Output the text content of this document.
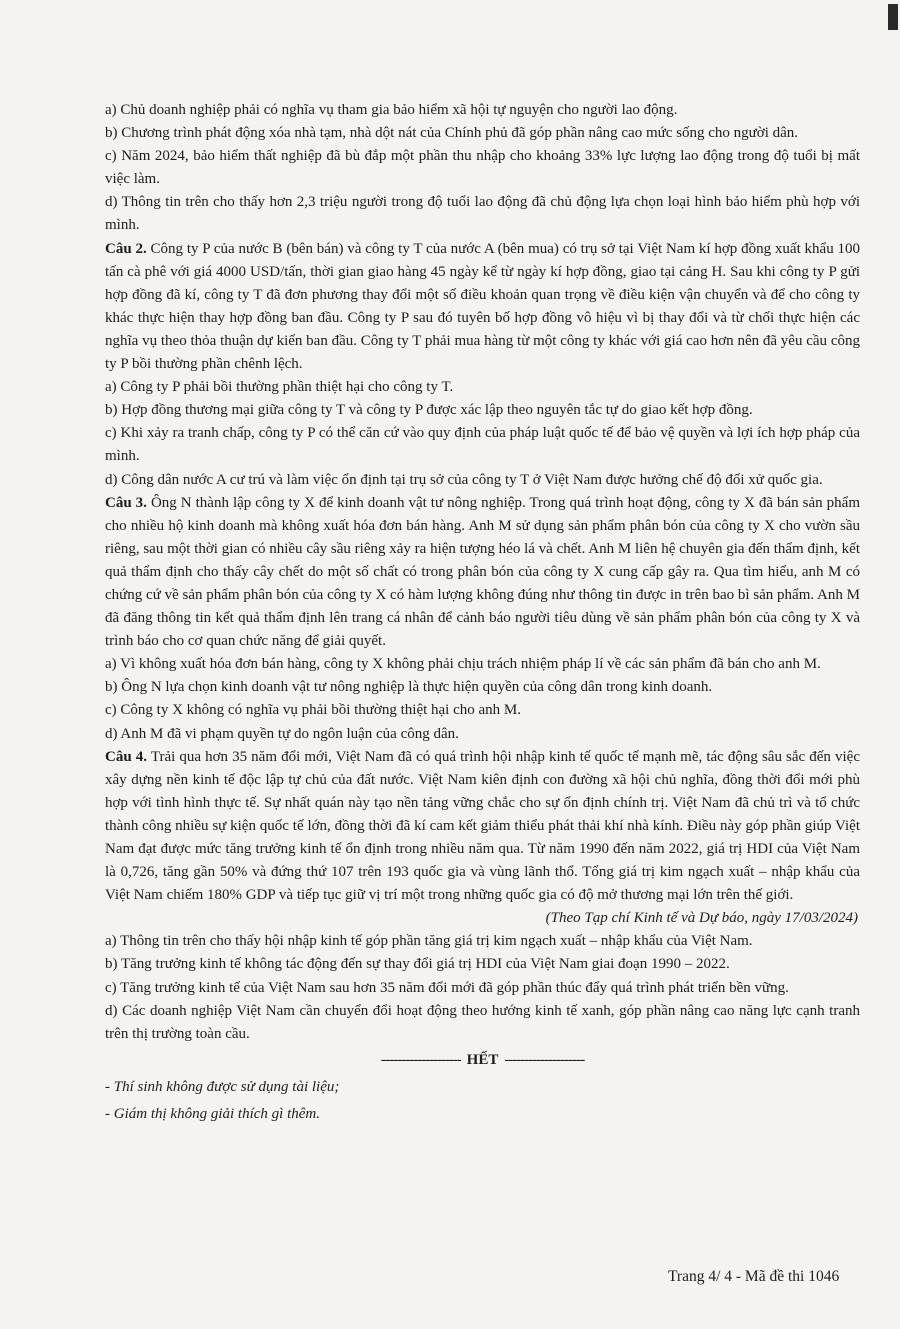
a) Chủ doanh nghiệp phải có nghĩa vụ tham gia bảo hiểm xã hội tự nguyện cho người lao động.

b) Chương trình phát động xóa nhà tạm, nhà dột nát của Chính phủ đã góp phần nâng cao mức sống cho người dân.

c) Năm 2024, bảo hiểm thất nghiệp đã bù đắp một phần thu nhập cho khoảng 33% lực lượng lao động trong độ tuổi bị mất việc làm.

d) Thông tin trên cho thấy hơn 2,3 triệu người trong độ tuổi lao động đã chủ động lựa chọn loại hình bảo hiểm phù hợp với mình.

Câu 2. Công ty P của nước B (bên bán) và công ty T của nước A (bên mua) có trụ sở tại Việt Nam kí hợp đồng xuất khẩu 100 tấn cà phê với giá 4000 USD/tấn, thời gian giao hàng 45 ngày kể từ ngày kí hợp đồng, giao tại cảng H. Sau khi công ty P gửi hợp đồng đã kí, công ty T đã đơn phương thay đổi một số điều khoản quan trọng về điều kiện vận chuyển và để cho công ty khác thực hiện thay hợp đồng ban đầu. Công ty P sau đó tuyên bố hợp đồng vô hiệu vì bị thay đổi và từ chối thực hiện các nghĩa vụ theo thỏa thuận dự kiến ban đầu. Công ty T phải mua hàng từ một công ty khác với giá cao hơn nên đã yêu cầu công ty P bồi thường phần chênh lệch.

a) Công ty P phải bồi thường phần thiệt hại cho công ty T.

b) Hợp đồng thương mại giữa công ty T và công ty P được xác lập theo nguyên tắc tự do giao kết hợp đồng.

c) Khi xảy ra tranh chấp, công ty P có thể căn cứ vào quy định của pháp luật quốc tế để bảo vệ quyền và lợi ích hợp pháp của mình.

d) Công dân nước A cư trú và làm việc ổn định tại trụ sở của công ty T ở Việt Nam được hưởng chế độ đối xử quốc gia.

Câu 3. Ông N thành lập công ty X để kinh doanh vật tư nông nghiệp. Trong quá trình hoạt động, công ty X đã bán sản phẩm cho nhiều hộ kinh doanh mà không xuất hóa đơn bán hàng. Anh M sử dụng sản phẩm phân bón của công ty X cho vườn sầu riêng, sau một thời gian có nhiều cây sầu riêng xảy ra hiện tượng héo lá và chết. Anh M liên hệ chuyên gia đến thẩm định, kết quả thẩm định cho thấy cây chết do một số chất có trong phân bón của công ty X cung cấp gây ra. Qua tìm hiểu, anh M có chứng cứ về sản phẩm phân bón của công ty X có hàm lượng không đúng như thông tin được in trên bao bì sản phẩm. Anh M đã đăng thông tin kết quả thẩm định lên trang cá nhân để cảnh báo người tiêu dùng về sản phẩm phân bón của công ty X và trình báo cho cơ quan chức năng để giải quyết.

a) Vì không xuất hóa đơn bán hàng, công ty X không phải chịu trách nhiệm pháp lí về các sản phẩm đã bán cho anh M.

b) Ông N lựa chọn kinh doanh vật tư nông nghiệp là thực hiện quyền của công dân trong kinh doanh.

c) Công ty X không có nghĩa vụ phải bồi thường thiệt hại cho anh M.

d) Anh M đã vi phạm quyền tự do ngôn luận của công dân.

Câu 4. Trải qua hơn 35 năm đổi mới, Việt Nam đã có quá trình hội nhập kinh tế quốc tế mạnh mẽ, tác động sâu sắc đến việc xây dựng nền kinh tế độc lập tự chủ của đất nước. Việt Nam kiên định con đường xã hội chủ nghĩa, đồng thời đổi mới phù hợp với tình hình thực tế. Sự nhất quán này tạo nền tảng vững chắc cho sự ổn định chính trị. Việt Nam đã chủ trì và tổ chức thành công nhiều sự kiện quốc tế lớn, đồng thời đã kí cam kết giảm thiểu phát thải khí nhà kính. Điều này góp phần giúp Việt Nam đạt được mức tăng trưởng kinh tế ổn định trong nhiều năm qua. Từ năm 1990 đến năm 2022, giá trị HDI của Việt Nam là 0,726, tăng gần 50% và đứng thứ 107 trên 193 quốc gia và vùng lãnh thổ. Tổng giá trị kim ngạch xuất – nhập khẩu của Việt Nam chiếm 180% GDP và tiếp tục giữ vị trí một trong những quốc gia có độ mở thương mại lớn trên thế giới.

(Theo Tạp chí Kinh tế và Dự báo, ngày 17/03/2024)

a) Thông tin trên cho thấy hội nhập kinh tế góp phần tăng giá trị kim ngạch xuất – nhập khẩu của Việt Nam.

b) Tăng trưởng kinh tế không tác động đến sự thay đổi giá trị HDI của Việt Nam giai đoạn 1990 – 2022.

c) Tăng trưởng kinh tế của Việt Nam sau hơn 35 năm đổi mới đã góp phần thúc đẩy quá trình phát triển bền vững.

d) Các doanh nghiệp Việt Nam cần chuyển đổi hoạt động theo hướng kinh tế xanh, góp phần nâng cao năng lực cạnh tranh trên thị trường toàn cầu.

-------------------- HẾT --------------------

- Thí sinh không được sử dụng tài liệu;

- Giám thị không giải thích gì thêm.

Trang 4/ 4 - Mã đề thi 1046
